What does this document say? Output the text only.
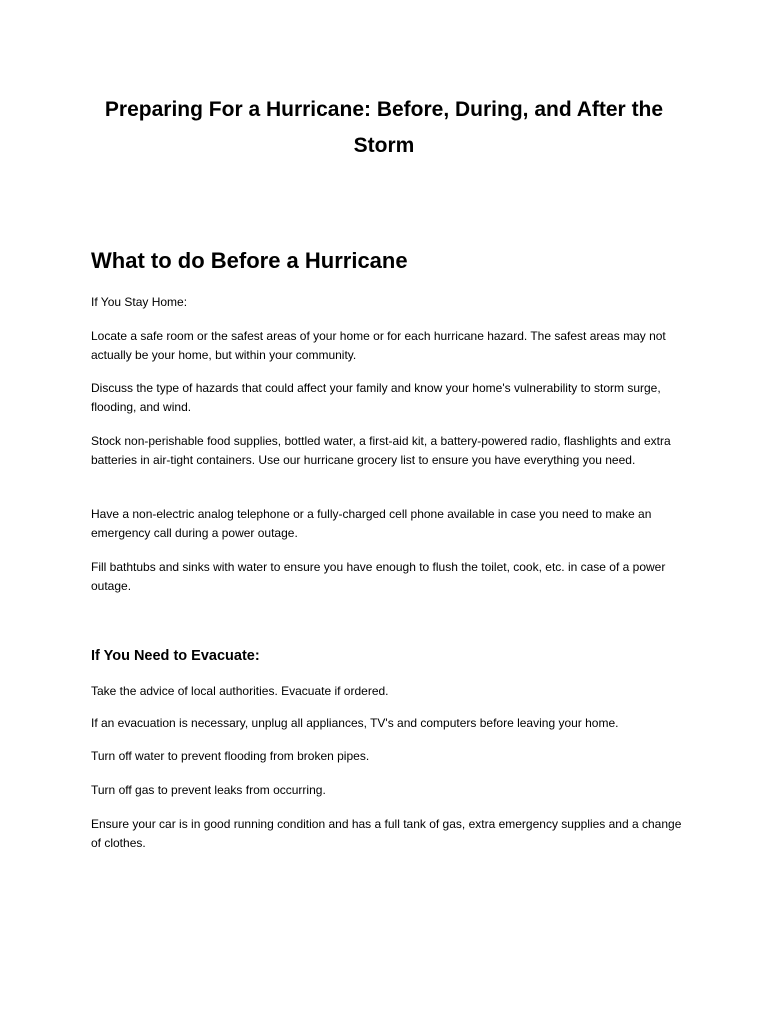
Preparing For a Hurricane: Before, During, and After the Storm
What to do Before a Hurricane

If You Stay Home:

Locate a safe room or the safest areas of your home or for each hurricane hazard. The safest areas may not actually be your home, but within your community.

Discuss the type of hazards that could affect your family and know your home's vulnerability to storm surge, flooding, and wind.

Stock non-perishable food supplies, bottled water, a first-aid kit, a battery-powered radio, flashlights and extra batteries in air-tight containers. Use our hurricane grocery list to ensure you have everything you need.

Have a non-electric analog telephone or a fully-charged cell phone available in case you need to make an emergency call during a power outage.

Fill bathtubs and sinks with water to ensure you have enough to flush the toilet, cook, etc. in case of a power outage.

If You Need to Evacuate:

Take the advice of local authorities. Evacuate if ordered.

If an evacuation is necessary, unplug all appliances, TV's and computers before leaving your home.

Turn off water to prevent flooding from broken pipes.

Turn off gas to prevent leaks from occurring.

Ensure your car is in good running condition and has a full tank of gas, extra emergency supplies and a change of clothes.
